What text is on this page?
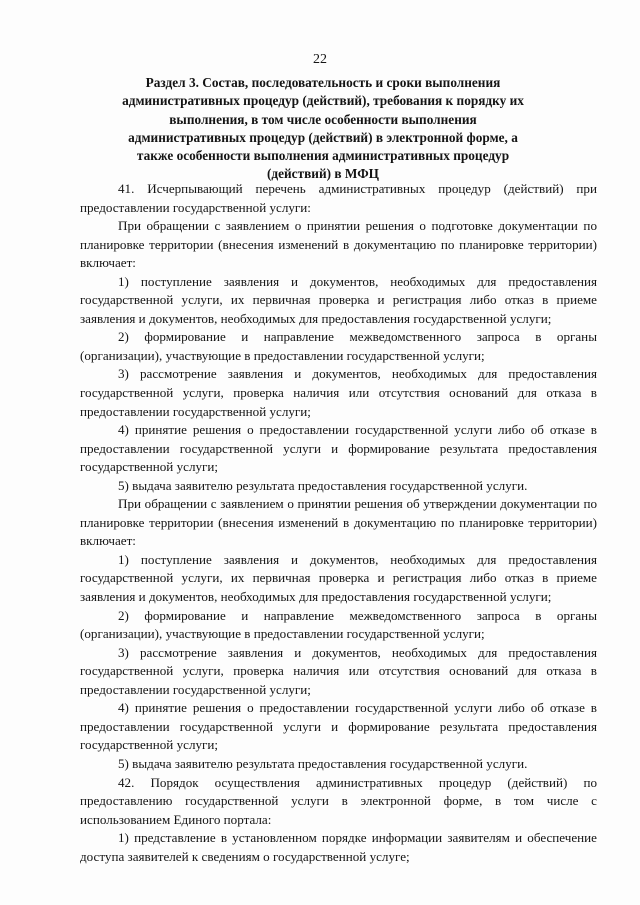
22
Раздел 3. Состав, последовательность и сроки выполнения административных процедур (действий), требования к порядку их выполнения, в том числе особенности выполнения административных процедур (действий) в электронной форме, а также особенности выполнения административных процедур (действий) в МФЦ

41. Исчерпывающий перечень административных процедур (действий) при предоставлении государственной услуги:

При обращении с заявлением о принятии решения о подготовке документации по планировке территории (внесения изменений в документацию по планировке территории) включает:

1) поступление заявления и документов, необходимых для предоставления государственной услуги, их первичная проверка и регистрация либо отказ в приеме заявления и документов, необходимых для предоставления государственной услуги;

2) формирование и направление межведомственного запроса в органы (организации), участвующие в предоставлении государственной услуги;

3) рассмотрение заявления и документов, необходимых для предоставления государственной услуги, проверка наличия или отсутствия оснований для отказа в предоставлении государственной услуги;

4) принятие решения о предоставлении государственной услуги либо об отказе в предоставлении государственной услуги и формирование результата предоставления государственной услуги;

5) выдача заявителю результата предоставления государственной услуги.

При обращении с заявлением о принятии решения об утверждении документации по планировке территории (внесения изменений в документацию по планировке территории) включает:

1) поступление заявления и документов, необходимых для предоставления государственной услуги, их первичная проверка и регистрация либо отказ в приеме заявления и документов, необходимых для предоставления государственной услуги;

2) формирование и направление межведомственного запроса в органы (организации), участвующие в предоставлении государственной услуги;

3) рассмотрение заявления и документов, необходимых для предоставления государственной услуги, проверка наличия или отсутствия оснований для отказа в предоставлении государственной услуги;

4) принятие решения о предоставлении государственной услуги либо об отказе в предоставлении государственной услуги и формирование результата предоставления государственной услуги;

5) выдача заявителю результата предоставления государственной услуги.

42. Порядок осуществления административных процедур (действий) по предоставлению государственной услуги в электронной форме, в том числе с использованием Единого портала:

1) представление в установленном порядке информации заявителям и обеспечение доступа заявителей к сведениям о государственной услуге;
